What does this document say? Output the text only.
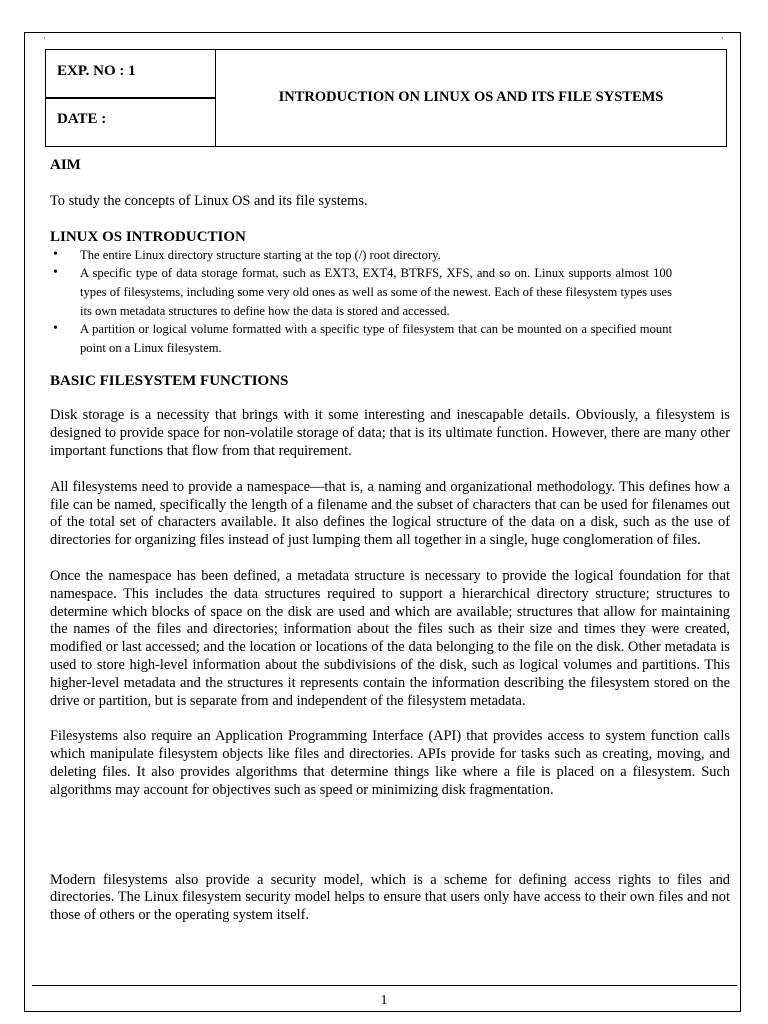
·	·
EXP. NO : 1
DATE :
INTRODUCTION ON LINUX OS AND ITS FILE SYSTEMS

AIM

To study the concepts of Linux OS and its file systems.

LINUX OS INTRODUCTION

• The entire Linux directory structure starting at the top (/) root directory.
• A specific type of data storage format, such as EXT3, EXT4, BTRFS, XFS, and so on. Linux supports almost 100 types of filesystems, including some very old ones as well as some of the newest. Each of these filesystem types uses its own metadata structures to define how the data is stored and accessed.
• A partition or logical volume formatted with a specific type of filesystem that can be mounted on a specified mount point on a Linux filesystem.

BASIC FILESYSTEM FUNCTIONS

Disk storage is a necessity that brings with it some interesting and inescapable details. Obviously, a filesystem is designed to provide space for non-volatile storage of data; that is its ultimate function. However, there are many other important functions that flow from that requirement.

All filesystems need to provide a namespace—that is, a naming and organizational methodology. This defines how a file can be named, specifically the length of a filename and the subset of characters that can be used for filenames out of the total set of characters available. It also defines the logical structure of the data on a disk, such as the use of directories for organizing files instead of just lumping them all together in a single, huge conglomeration of files.

Once the namespace has been defined, a metadata structure is necessary to provide the logical foundation for that namespace. This includes the data structures required to support a hierarchical directory structure; structures to determine which blocks of space on the disk are used and which are available; structures that allow for maintaining the names of the files and directories; information about the files such as their size and times they were created, modified or last accessed; and the location or locations of the data belonging to the file on the disk. Other metadata is used to store high-level information about the subdivisions of the disk, such as logical volumes and partitions. This higher-level metadata and the structures it represents contain the information describing the filesystem stored on the drive or partition, but is separate from and independent of the filesystem metadata.

Filesystems also require an Application Programming Interface (API) that provides access to system function calls which manipulate filesystem objects like files and directories. APIs provide for tasks such as creating, moving, and deleting files. It also provides algorithms that determine things like where a file is placed on a filesystem. Such algorithms may account for objectives such as speed or minimizing disk fragmentation.

Modern filesystems also provide a security model, which is a scheme for defining access rights to files and directories. The Linux filesystem security model helps to ensure that users only have access to their own files and not those of others or the operating system itself.

1
